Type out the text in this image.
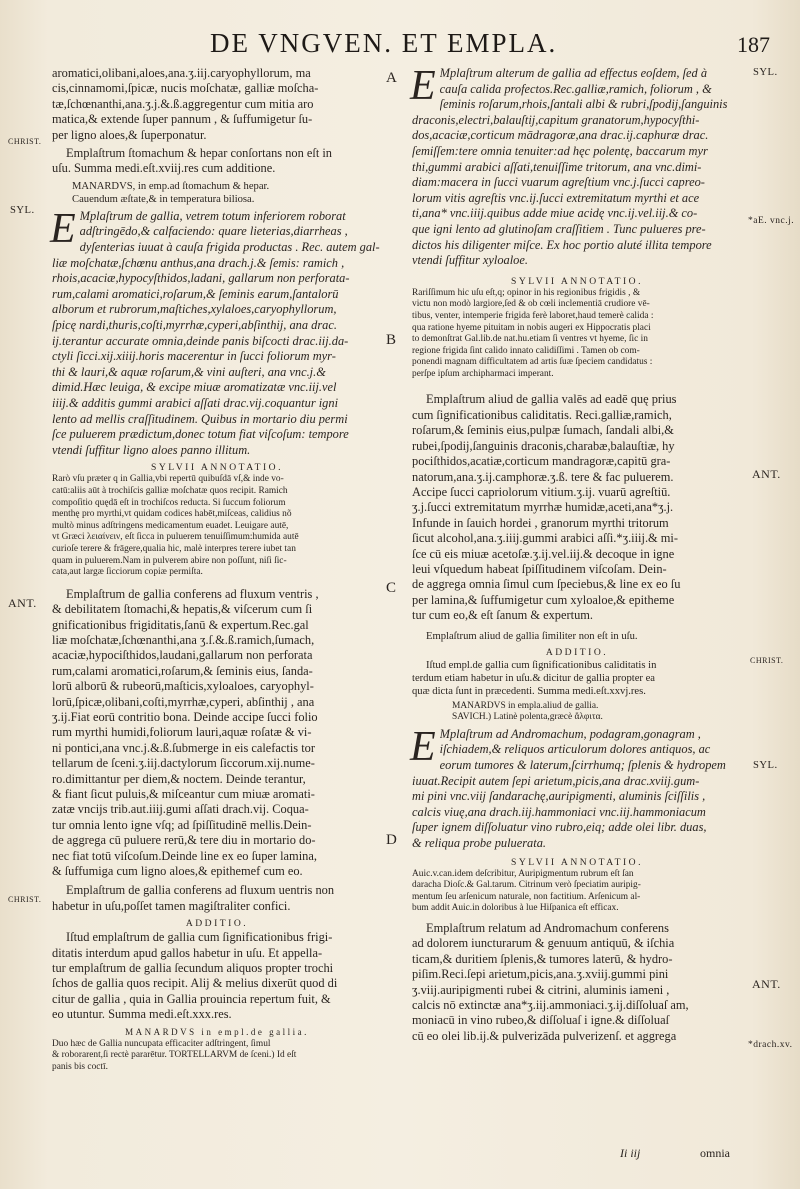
DE VNGVEN. ET EMPLA.	187
CHRIST.
SYL.
ANT.
CHRIST.
SYL.
*aE. vnc.j.
ANT.
CHRIST.
SYL.
ANT.
*drach.xv.
A
B
C
D
aromatici,olibani,aloes,ana.ʒ.iij.caryophyllorum, ma
cis,cinnamomi,ſpicæ, nucis moſchatæ, galliæ moſcha-
tæ,ſchœnanthi,ana.ʒ.j.&.ß.aggregentur cum mitia aro
matica,& extende ſuper pannum , & ſuffumigetur ſu-
per ligno aloes,& ſuperponatur.
Emplaſtrum ſtomachum & hepar conſortans non eſt in
uſu. Summa medi.eſt.xviij.res cum additione.
MANARDVS, in emp.ad ſtomachum & hepar.
Cauendum æſtate,& in temperatura biliosa.
E Mplaſtrum de gallia, vetrem totum inferiorem roborat
adſtringēdo,& calfaciendo: quare lieterias,diarrheas ,
dyſenterias iuuat à cauſa frigida productas . Rec. autem gal-
liæ moſchatæ,ſchœnu anthus,ana drach.j.& ſemis: ramich ,
rhois,acaciæ,hypocyſthidos,ladani, gallarum non perforata-
rum,calami aromatici,roſarum,& ſeminis earum,ſantalorū
alborum et rubrorum,maſtiches,xylaloes,caryophyllorum,
ſpicę nardi,thuris,coſti,myrrhæ,cyperi,abſinthij, ana drac.
ij.terantur accurate omnia,deinde panis biſcocti drac.iij.da-
ctyli ſicci.xij.xiiij.horis macerentur in ſucci foliorum myr-
thi & lauri,& aquæ roſarum,& vini auſteri, ana vnc.j.&
dimid.Hæc leuiga, & excipe miuæ aromatizatæ vnc.iij.vel
iiij.& additis gummi arabici aſſati drac.vij.coquantur igni
lento ad mellis craſſitudinem. Quibus in mortario diu permi
ſce puluerem prædictum,donec totum fiat viſcoſum: tempore
vtendi ſuffitur ligno aloes panno illitum.
SYLVII ANNOTATIO.
Rarò vſu præter q in Gallia,vbi repertū quibuſdā vſ,& inde vo-
catū:aliis aūt à trochiſcis galliæ moſchatæ quos recipit. Ramich
compoſitio quędā eſt in trochiſcos reducta. Si ſuccum foliorum
menthę pro myrthi,vt quidam codices habēt,miſceas, calidius nõ
multò minus adſtringens medicamentum euadet. Leuigare autē,
vt Græci λειαίνειν, eſt ſicca in puluerem tenuiſſimum:humida autē
curioſe terere & frāgere,qualia hic, malè interpres terere iubet tan
quam in puluerem.Nam in pulverem abire non poſſunt, niſi ſic-
cata,aut largæ ſicciorum copiæ permiſta.
Emplaſtrum de gallia conferens ad fluxum ventris ,
& debilitatem ſtomachi,& hepatis,& viſcerum cum ſi
gnificationibus frigiditatis,ſanū & expertum.Rec.gal
liæ moſchatæ,ſchœnanthi,ana ʒ.ſ.&.ß.ramich,ſumach,
acaciæ,hypociſthidos,laudani,gallarum non perforata
rum,calami aromatici,roſarum,& ſeminis eius, ſanda-
lorū alborū & rubeorū,maſticis,xyloaloes, caryophyl-
lorū,ſpicæ,olibani,coſti,myrrhæ,cyperi, abſinthij , ana
ʒ.ij.Fiat eorū contritio bona. Deinde accipe ſucci folio
rum myrthi humidi,foliorum lauri,aquæ roſatæ & vi-
ni pontici,ana vnc.j.&.ß.ſubmerge in eis calefactis tor
tellarum de ſceni.ʒ.iij.dactylorum ſiccorum.xij.nume-
ro.dimittantur per diem,& noctem. Deinde terantur,
& fiant ſicut puluis,& miſceantur cum miuæ aromati-
zatæ vncijs trib.aut.iiij.gumi aſſati drach.vij. Coqua-
tur omnia lento igne vſq; ad ſpiſſitudinē mellis.Dein-
de aggrega cū puluere rerū,& tere diu in mortario do-
nec fiat totū viſcoſum.Deinde line ex eo ſuper lamina,
& ſuffumiga cum ligno aloes,& epithemef cum eo.
Emplaſtrum de gallia conferens ad fluxum uentris non
habetur in uſu,poſſet tamen magiſtraliter confici.
ADDITIO.
Iſtud emplaſtrum de gallia cum ſignificationibus frigi-
ditatis interdum apud gallos habetur in uſu. Et appella-
tur emplaſtrum de gallia ſecundum aliquos propter trochi
ſchos de gallia quos recipit. Alij & melius dixerūt quod di
citur de gallia , quia in Gallia prouincia repertum fuit, &
eo utuntur. Summa medi.eſt.xxx.res.
MANARDVS in empl.de gallia.
Duo hæc de Gallia nuncupata efficaciter adſtringent, ſimul
& roborarent,ſi rectè pararētur. TORTELLARVM de ſceni.) Id eſt
panis bis coctī.
E Mplaſtrum alterum de gallia ad effectus eoſdem, ſed à
cauſa calida profectos.Rec.galliæ,ramich, foliorum , &
ſeminis roſarum,rhois,ſantali albi & rubri,ſpodij,ſanguinis
draconis,electri,balauſtij,capitum granatorum,hypocyſthi-
dos,acaciæ,corticum mādragoræ,ana drac.ij.caphuræ drac.
ſemiſſem:tere omnia tenuiter:ad hęc polentę, baccarum myr
thi,gummi arabici aſſati,tenuiſſime tritorum, ana vnc.dimi-
diam:macera in ſucci vuarum agreſtium vnc.j.ſucci capreo-
lorum vitis agreſtis vnc.ij.ſucci extremitatum myrthi et ace
ti,ana* vnc.iiij.quibus adde miue acidę vnc.ij.vel.iij.& co-
que igni lento ad glutinoſam craſſitiem . Tunc pulueres pre-
dictos his diligenter miſce. Ex hoc portio aluté illita tempore
vtendi ſuffitur xyloaloe.
SYLVII ANNOTATIO.
Rariſſimum hic uſu eſt,q; opinor in his regionibus frigidis , &
victu non modò largiore,ſed & ob cœli inclementiā crudiore vē-
tibus, venter, intemperie frigida ferè laboret,haud temerè calida :
qua ratione hyeme pituitam in nobis augeri ex Hippocratis placi
to demonſtrat Gal.lib.de nat.hu.etiam ſi ventres vt hyeme, ſic in
regione frigida ſint calido innato calidiſſimi . Tamen ob com-
ponendi magnam difficultatem ad artis ſuæ ſpeciem candidatus :
perſpe ipſum archipharmaci imperant.
Emplaſtrum aliud de gallia valēs ad eadē quę prius
cum ſignificationibus caliditatis. Reci.galliæ,ramich,
roſarum,& ſeminis eius,pulpæ ſumach, ſandali albi,&
rubei,ſpodij,ſanguinis draconis,charabæ,balauſtiæ, hy
pociſthidos,acatiæ,corticum mandragoræ,capitū gra-
natorum,ana.ʒ.ij.camphoræ.ʒ.ß. tere & fac puluerem.
Accipe ſucci capriolorum vitium.ʒ.ij. vuarū agreſtiū.
ʒ.j.ſucci extremitatum myrrhæ humidæ,aceti,ana*ʒ.j.
Infunde in ſauich hordei , granorum myrthi tritorum
ſicut alcohol,ana.ʒ.iiij.gummi arabici aſſi.*ʒ.iiij.& mi-
ſce cū eis miuæ acetoſæ.ʒ.ij.vel.iij.& decoque in igne
leui vſquedum habeat ſpiſſitudinem viſcoſam. Dein-
de aggrega omnia ſimul cum ſpeciebus,& line ex eo ſu
per lamina,& ſuffumigetur cum xyloaloe,& epitheme
tur cum eo,& eſt ſanum & expertum.
Emplaſtrum aliud de gallia ſimiliter non eſt in uſu.
ADDITIO.
Iſtud empl.de gallia cum ſignificationibus caliditatis in
terdum etiam habetur in uſu.& dicitur de gallia propter ea
quæ dicta ſunt in præcedenti. Summa medi.eſt.xxvj.res.
MANARDVS in empla.aliud de gallia.
SAVICH.) Latinè polenta,græcè ἄλφιτα.
E Mplaſtrum ad Andromachum, podagram,gonagram ,
iſchiadem,& reliquos articulorum dolores antiquos, ac
eorum tumores & laterum,ſcirrhumq; ſplenis & hydropem
iuuat.Recipit autem ſepi arietum,picis,ana drac.xviij.gum-
mi pini vnc.viij ſandarachę,auripigmenti, aluminis ſciſſilis ,
calcis viuę,ana drach.iij.hammoniaci vnc.iij.hammoniacum
ſuper ignem diſſoluatur vino rubro,eiq; adde olei libr. duas,
& reliqua probe puluerata.
SYLVII ANNOTATIO.
Auic.v.can.idem deſcribitur, Auripigmentum rubrum eſt ſan
daracha Dioſc.& Gal.tarum. Citrinum verò ſpeciatim auripig-
mentum ſeu arſenicum naturale, non factitium. Arſenicum al-
bum addit Auic.in doloribus à lue Hiſpanica eſt efficax.
Emplaſtrum relatum ad Andromachum conferens
ad dolorem iuncturarum & genuum antiquū, & iſchia
ticam,& duritiem ſplenis,& tumores laterū, & hydro-
piſim.Reci.ſepi arietum,picis,ana.ʒ.xviij.gummi pini
ʒ.viij.auripigmenti rubei & citrini, aluminis iameni ,
calcis nō extinctæ ana*ʒ.iij.ammoniaci.ʒ.ij.diſſoluaſ am,
moniacū in vino rubeo,& diſſoluaſ i igne.& diſſoluaſ
cū eo olei lib.ij.& pulverizāda pulverizenſ. et aggrega
Ii iij	omnia
